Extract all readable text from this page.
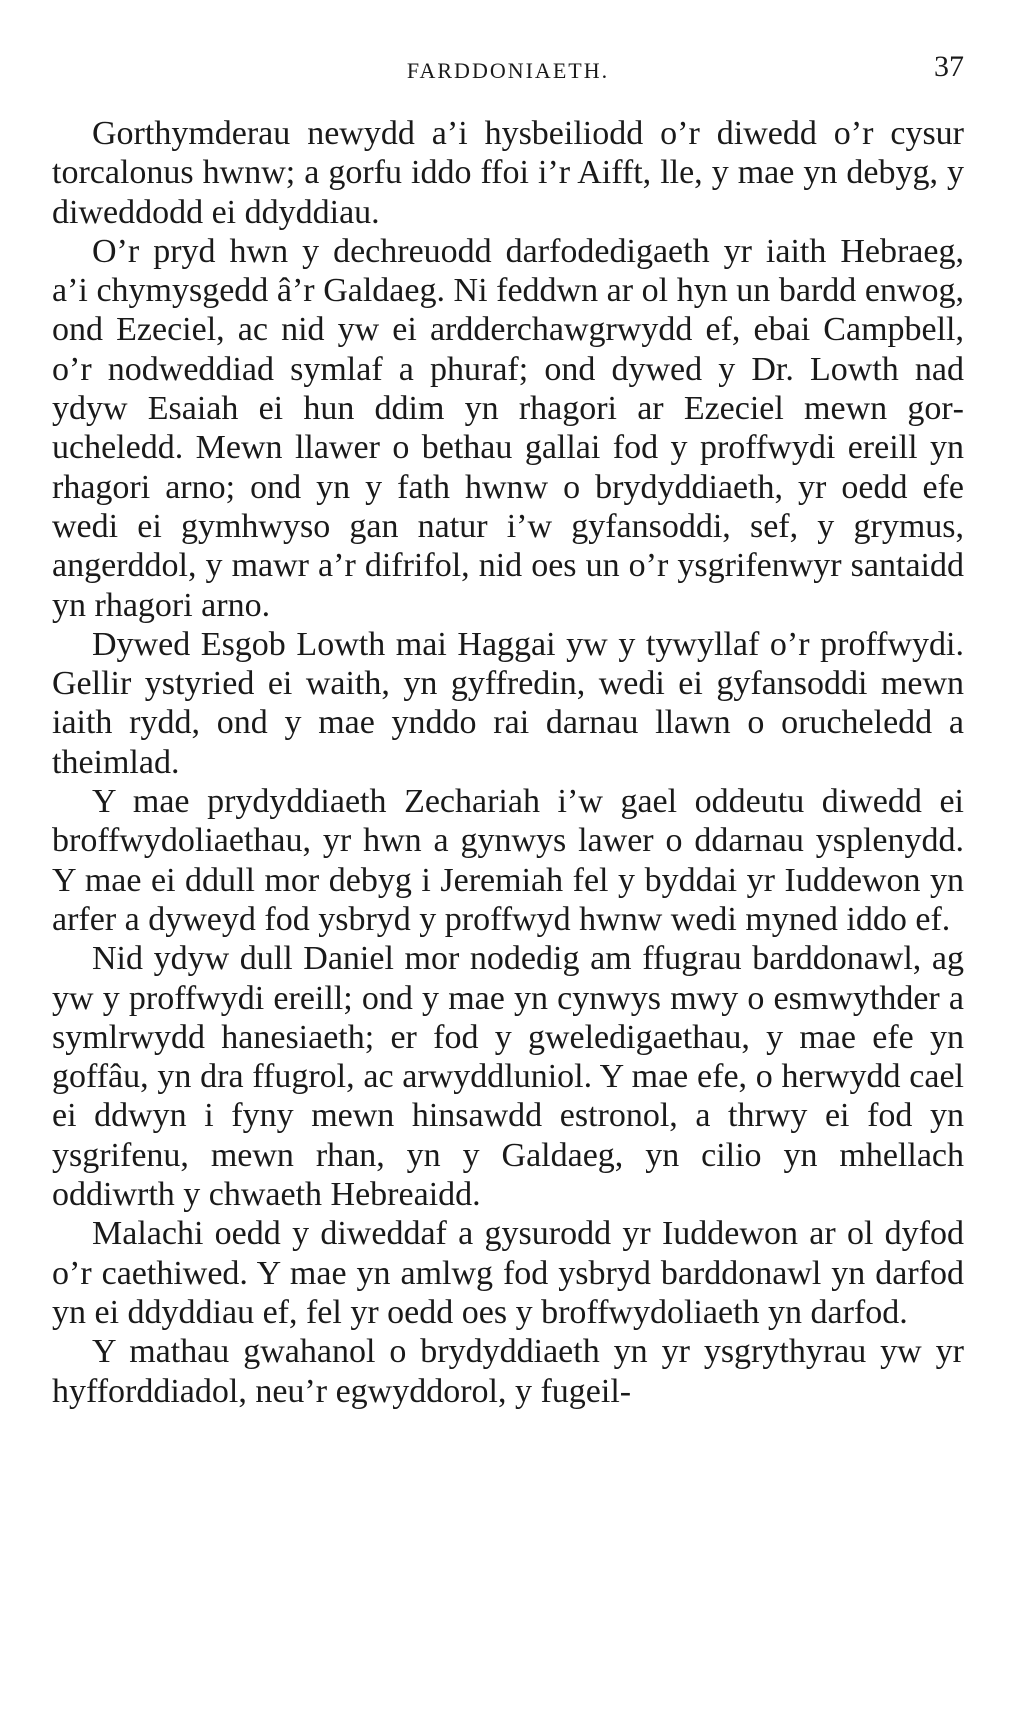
FARDDONIAETH.	37

Gorthymderau newydd a’i hysbeiliodd o’r diwedd o’r cysur torcalonus hwnw; a gorfu iddo ffoi i’r Aifft, lle, y mae yn debyg, y diweddodd ei ddyddiau.

O’r pryd hwn y dechreuodd darfodedigaeth yr iaith Hebraeg, a’i chymysgedd â’r Galdaeg. Ni feddwn ar ol hyn un bardd enwog, ond Ezeciel, ac nid yw ei ardderchawgrwydd ef, ebai Campbell, o’r nodweddiad symlaf a phuraf; ond dywed y Dr. Lowth nad ydyw Esaiah ei hun ddim yn rhagori ar Ezeciel mewn gorucheledd. Mewn llawer o bethau gallai fod y proffwydi ereill yn rhagori arno; ond yn y fath hwnw o brydyddiaeth, yr oedd efe wedi ei gymhwyso gan natur i’w gyfansoddi, sef, y grymus, angerddol, y mawr a’r difrifol, nid oes un o’r ysgrifenwyr santaidd yn rhagori arno.

Dywed Esgob Lowth mai Haggai yw y tywyllaf o’r proffwydi. Gellir ystyried ei waith, yn gyffredin, wedi ei gyfansoddi mewn iaith rydd, ond y mae ynddo rai darnau llawn o orucheledd a theimlad.

Y mae prydyddiaeth Zechariah i’w gael oddeutu diwedd ei broffwydoliaethau, yr hwn a gynwys lawer o ddarnau ysplenydd. Y mae ei ddull mor debyg i Jeremiah fel y byddai yr Iuddewon yn arfer a dyweyd fod ysbryd y proffwyd hwnw wedi myned iddo ef.

Nid ydyw dull Daniel mor nodedig am ffugrau barddonawl, ag yw y proffwydi ereill; ond y mae yn cynwys mwy o esmwythder a symlrwydd hanesiaeth; er fod y gweledigaethau, y mae efe yn goffâu, yn dra ffugrol, ac arwyddluniol. Y mae efe, o herwydd cael ei ddwyn i fyny mewn hinsawdd estronol, a thrwy ei fod yn ysgrifenu, mewn rhan, yn y Galdaeg, yn cilio yn mhellach oddiwrth y chwaeth Hebreaidd.

Malachi oedd y diweddaf a gysurodd yr Iuddewon ar ol dyfod o’r caethiwed. Y mae yn amlwg fod ysbryd barddonawl yn darfod yn ei ddyddiau ef, fel yr oedd oes y broffwydoliaeth yn darfod.

Y mathau gwahanol o brydyddiaeth yn yr ysgrythyrau yw yr hyfforddiadol, neu’r egwyddorol, y fugeil-
